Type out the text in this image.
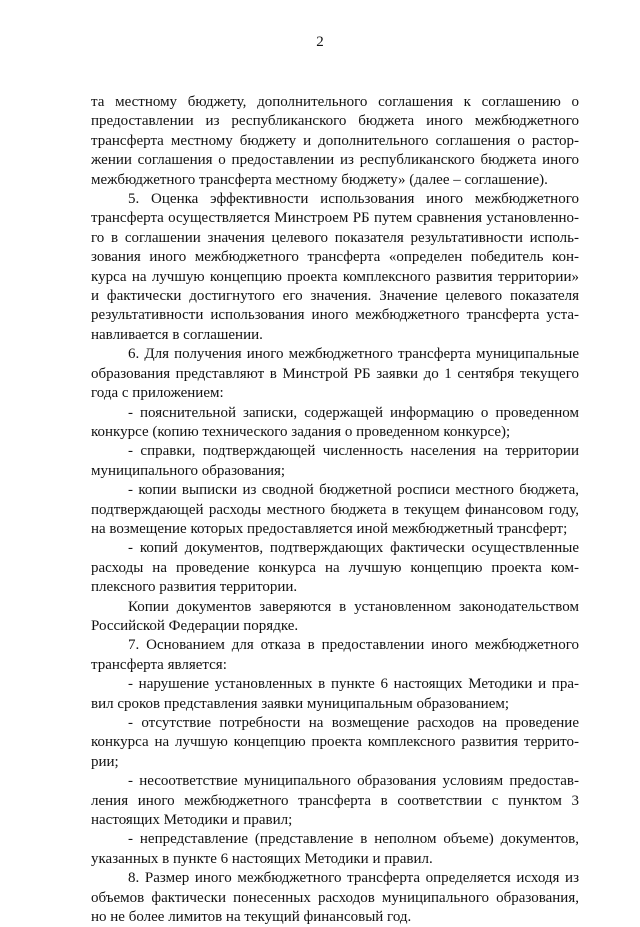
2

та местному бюджету, дополнительного соглашения к соглашению о предоставлении из республиканского бюджета иного межбюджетного трансферта местному бюджету и дополнительного соглашения о расторжении соглашения о предоставлении из республиканского бюджета иного межбюджетного трансферта местному бюджету» (далее – соглашение).

5. Оценка эффективности использования иного межбюджетного трансферта осуществляется Минстроем РБ путем сравнения установленного в соглашении значения целевого показателя результативности использования иного межбюджетного трансферта «определен победитель конкурса на лучшую концепцию проекта комплексного развития территории» и фактически достигнутого его значения. Значение целевого показателя результативности использования иного межбюджетного трансферта устанавливается в соглашении.

6. Для получения иного межбюджетного трансферта муниципальные образования представляют в Минстрой РБ заявки до 1 сентября текущего года с приложением:

- пояснительной записки, содержащей информацию о проведенном конкурсе (копию технического задания о проведенном конкурсе);

- справки, подтверждающей численность населения на территории муниципального образования;

- копии выписки из сводной бюджетной росписи местного бюджета, подтверждающей расходы местного бюджета в текущем финансовом году, на возмещение которых предоставляется иной межбюджетный трансферт;

- копий документов, подтверждающих фактически осуществленные расходы на проведение конкурса на лучшую концепцию проекта комплексного развития территории.

Копии документов заверяются в установленном законодательством Российской Федерации порядке.

7. Основанием для отказа в предоставлении иного межбюджетного трансферта является:

- нарушение установленных в пункте 6 настоящих Методики и правил сроков представления заявки муниципальным образованием;

- отсутствие потребности на возмещение расходов на проведение конкурса на лучшую концепцию проекта комплексного развития территории;

- несоответствие муниципального образования условиям предоставления иного межбюджетного трансферта в соответствии с пунктом 3 настоящих Методики и правил;

- непредставление (представление в неполном объеме) документов, указанных в пункте 6 настоящих Методики и правил.

8. Размер иного межбюджетного трансферта определяется исходя из объемов фактически понесенных расходов муниципального образования, но не более лимитов на текущий финансовый год.
